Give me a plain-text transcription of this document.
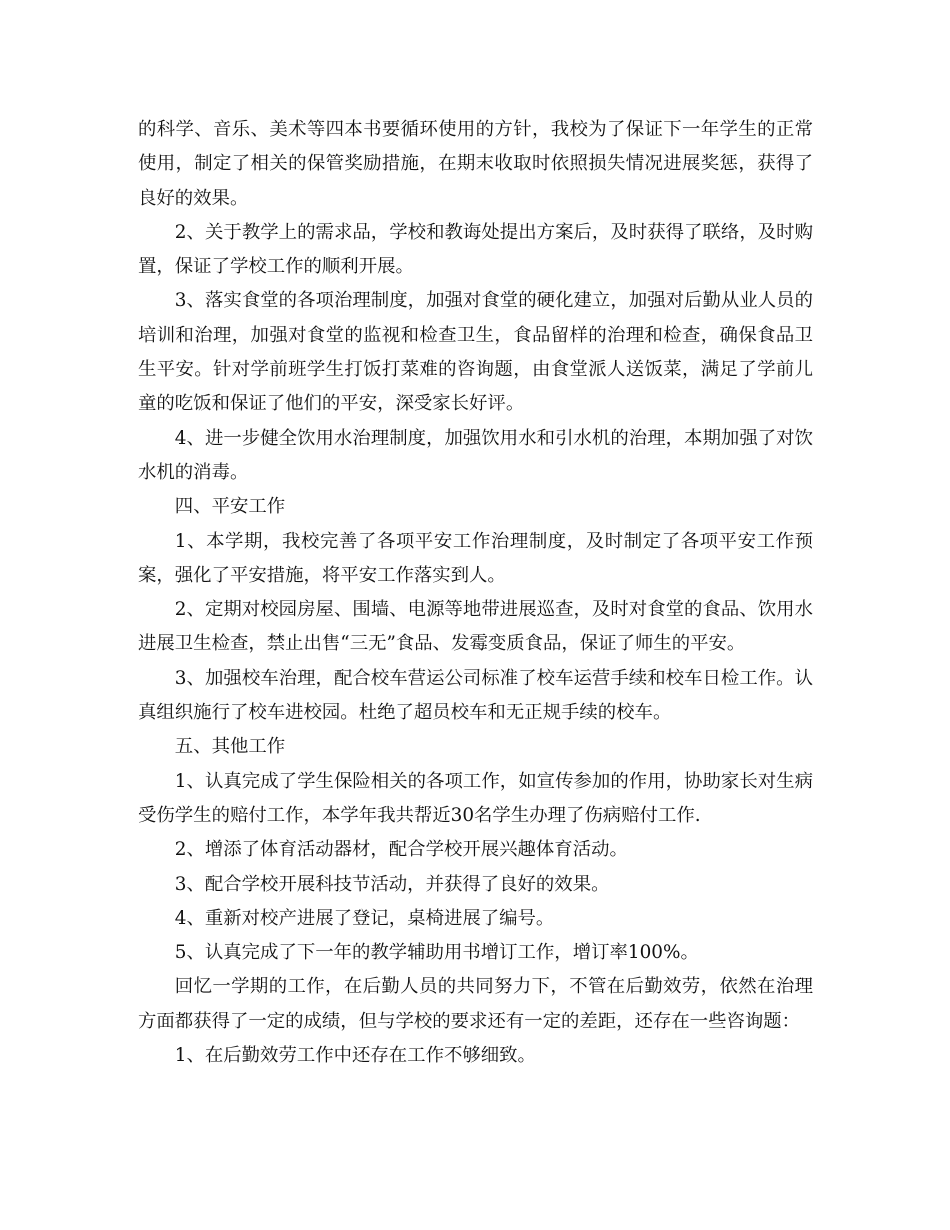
的科学、音乐、美术等四本书要循环使用的方针，我校为了保证下一年学生的正常使用，制定了相关的保管奖励措施，在期末收取时依照损失情况进展奖惩，获得了良好的效果。

2、关于教学上的需求品，学校和教诲处提出方案后，及时获得了联络，及时购置，保证了学校工作的顺利开展。

3、落实食堂的各项治理制度，加强对食堂的硬化建立，加强对后勤从业人员的培训和治理，加强对食堂的监视和检查卫生，食品留样的治理和检查，确保食品卫生平安。针对学前班学生打饭打菜难的咨询题，由食堂派人送饭菜，满足了学前儿童的吃饭和保证了他们的平安，深受家长好评。

4、进一步健全饮用水治理制度，加强饮用水和引水机的治理，本期加强了对饮水机的消毒。

四、平安工作

1、本学期，我校完善了各项平安工作治理制度，及时制定了各项平安工作预案，强化了平安措施，将平安工作落实到人。

2、定期对校园房屋、围墙、电源等地带进展巡查，及时对食堂的食品、饮用水进展卫生检查，禁止出售“三无”食品、发霉变质食品，保证了师生的平安。

3、加强校车治理，配合校车营运公司标准了校车运营手续和校车日检工作。认真组织施行了校车进校园。杜绝了超员校车和无正规手续的校车。

五、其他工作

1、认真完成了学生保险相关的各项工作，如宣传参加的作用，协助家长对生病受伤学生的赔付工作，本学年我共帮近30名学生办理了伤病赔付工作.

2、增添了体育活动器材，配合学校开展兴趣体育活动。

3、配合学校开展科技节活动，并获得了良好的效果。

4、重新对校产进展了登记，桌椅进展了编号。

5、认真完成了下一年的教学辅助用书增订工作，增订率100%。

回忆一学期的工作，在后勤人员的共同努力下，不管在后勤效劳，依然在治理方面都获得了一定的成绩，但与学校的要求还有一定的差距，还存在一些咨询题：

1、在后勤效劳工作中还存在工作不够细致。
